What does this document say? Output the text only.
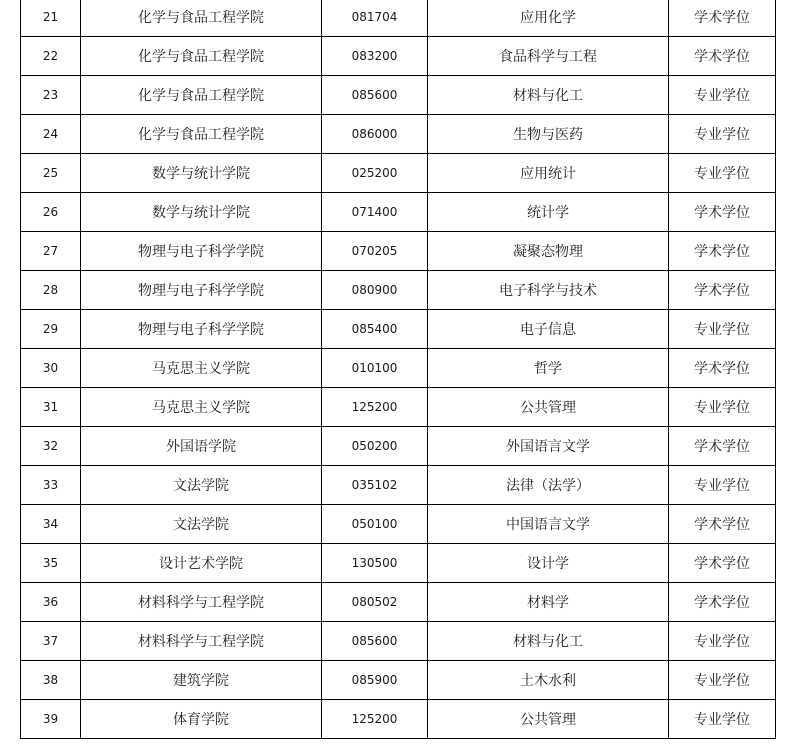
21	化学与食品工程学院	081704	应用化学	学术学位
22	化学与食品工程学院	083200	食品科学与工程	学术学位
23	化学与食品工程学院	085600	材料与化工	专业学位
24	化学与食品工程学院	086000	生物与医药	专业学位
25	数学与统计学院	025200	应用统计	专业学位
26	数学与统计学院	071400	统计学	学术学位
27	物理与电子科学学院	070205	凝聚态物理	学术学位
28	物理与电子科学学院	080900	电子科学与技术	学术学位
29	物理与电子科学学院	085400	电子信息	专业学位
30	马克思主义学院	010100	哲学	学术学位
31	马克思主义学院	125200	公共管理	专业学位
32	外国语学院	050200	外国语言文学	学术学位
33	文法学院	035102	法律（法学）	专业学位
34	文法学院	050100	中国语言文学	学术学位
35	设计艺术学院	130500	设计学	学术学位
36	材料科学与工程学院	080502	材料学	学术学位
37	材料科学与工程学院	085600	材料与化工	专业学位
38	建筑学院	085900	土木水利	专业学位
39	体育学院	125200	公共管理	专业学位
